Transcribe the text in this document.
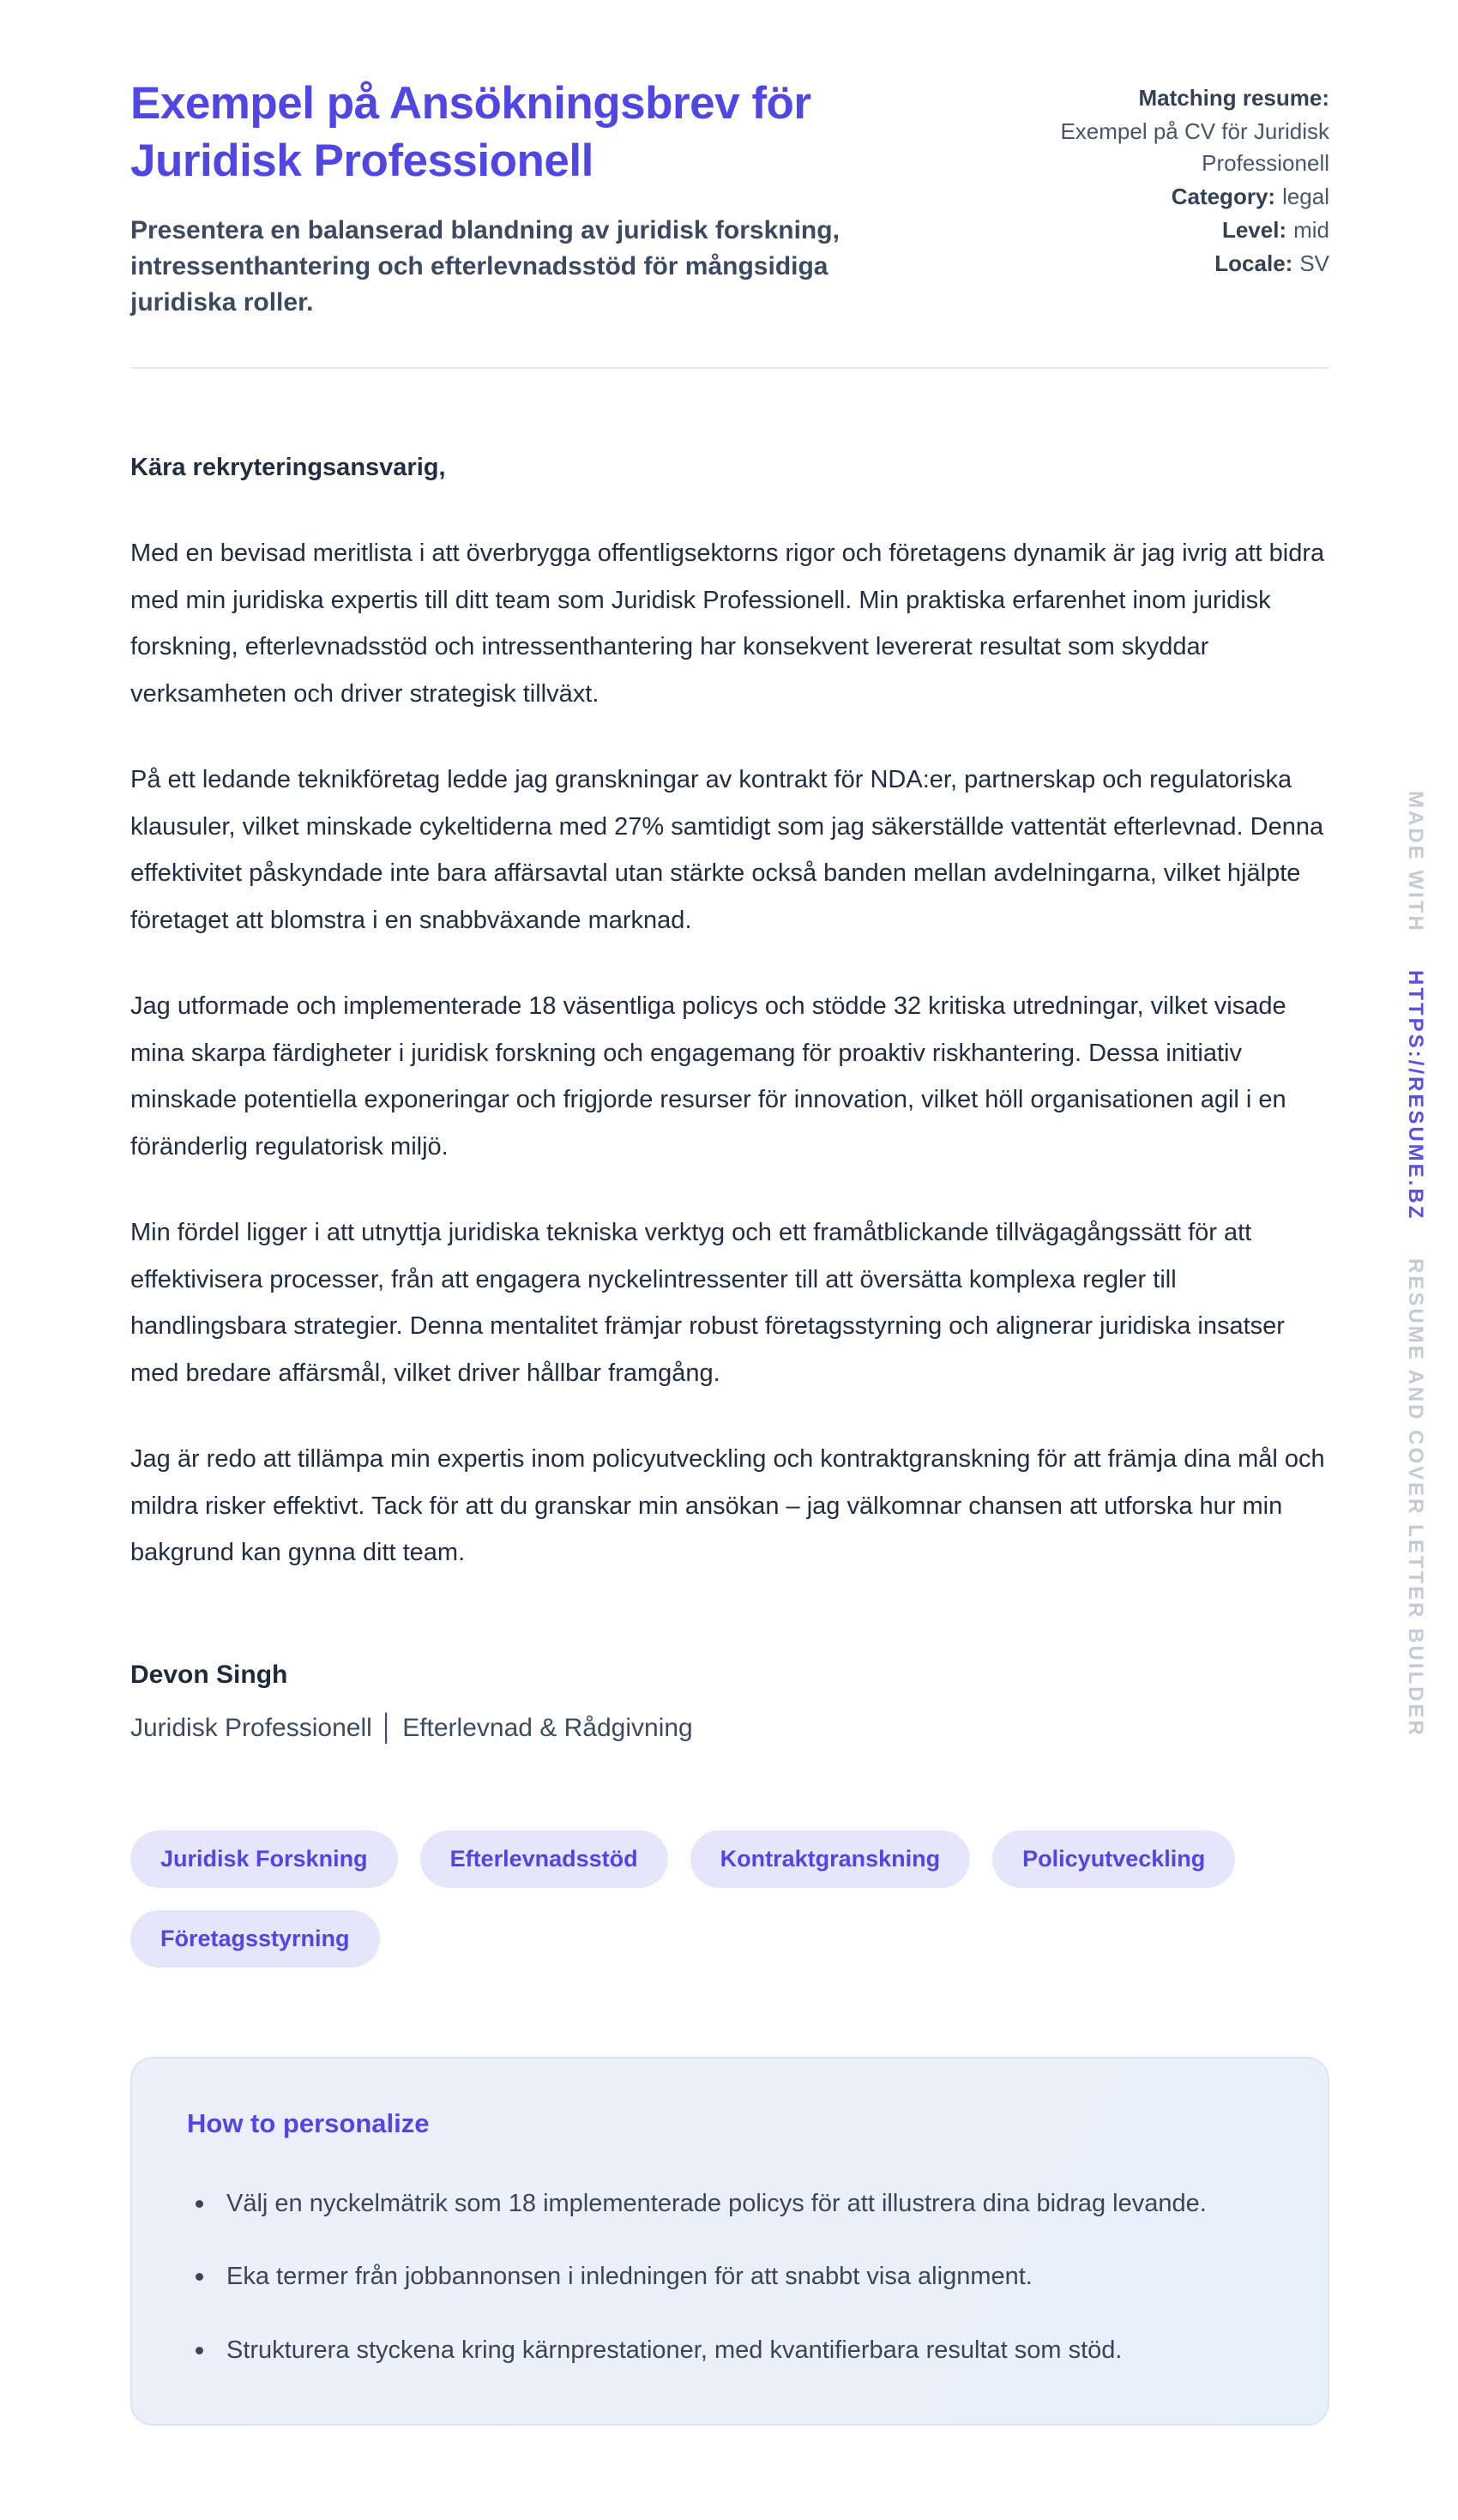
MADE WITH HTTPS://RESUME.BZ RESUME AND COVER LETTER BUILDER
Exempel på Ansökningsbrev för Juridisk Professionell

Presentera en balanserad blandning av juridisk forskning, intressenthantering och efterlevnadsstöd för mångsidiga juridiska roller.

Matching resume:
Exempel på CV för Juridisk Professionell
Category: legal
Level: mid
Locale: SV

Kära rekryteringsansvarig,

Med en bevisad meritlista i att överbrygga offentligsektorns rigor och företagens dynamik är jag ivrig att bidra med min juridiska expertis till ditt team som Juridisk Professionell. Min praktiska erfarenhet inom juridisk forskning, efterlevnadsstöd och intressenthantering har konsekvent levererat resultat som skyddar verksamheten och driver strategisk tillväxt.

På ett ledande teknikföretag ledde jag granskningar av kontrakt för NDA:er, partnerskap och regulatoriska klausuler, vilket minskade cykeltiderna med 27% samtidigt som jag säkerställde vattentät efterlevnad. Denna effektivitet påskyndade inte bara affärsavtal utan stärkte också banden mellan avdelningarna, vilket hjälpte företaget att blomstra i en snabbväxande marknad.

Jag utformade och implementerade 18 väsentliga policys och stödde 32 kritiska utredningar, vilket visade mina skarpa färdigheter i juridisk forskning och engagemang för proaktiv riskhantering. Dessa initiativ minskade potentiella exponeringar och frigjorde resurser för innovation, vilket höll organisationen agil i en föränderlig regulatorisk miljö.

Min fördel ligger i att utnyttja juridiska tekniska verktyg och ett framåtblickande tillvägagångssätt för att effektivisera processer, från att engagera nyckelintressenter till att översätta komplexa regler till handlingsbara strategier. Denna mentalitet främjar robust företagsstyrning och alignerar juridiska insatser med bredare affärsmål, vilket driver hållbar framgång.

Jag är redo att tillämpa min expertis inom policyutveckling och kontraktgranskning för att främja dina mål och mildra risker effektivt. Tack för att du granskar min ansökan – jag välkomnar chansen att utforska hur min bakgrund kan gynna ditt team.

Devon Singh
Juridisk Professionell │ Efterlevnad & Rådgivning
Juridisk Forskning	Efterlevnadsstöd	Kontraktgranskning	Policyutveckling
Företagsstyrning
How to personalize
Välj en nyckelmätrik som 18 implementerade policys för att illustrera dina bidrag levande.
Eka termer från jobbannonsen i inledningen för att snabbt visa alignment.
Strukturera styckena kring kärnprestationer, med kvantifierbara resultat som stöd.
